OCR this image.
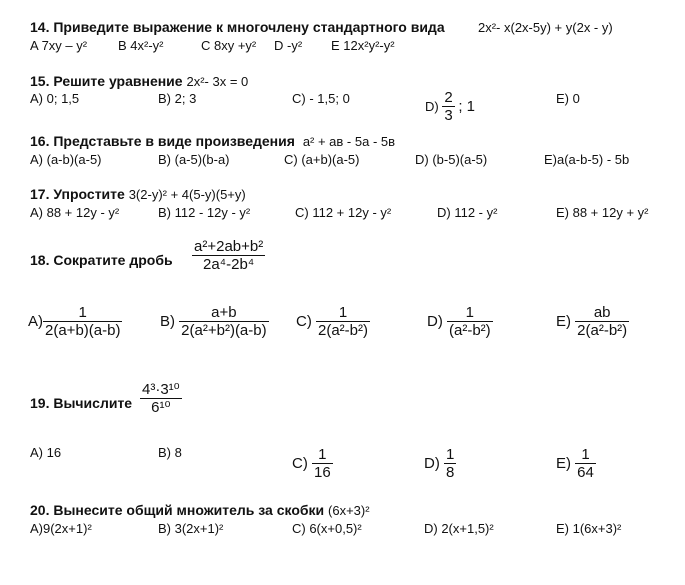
14. Приведите выражение к многочлену стандартного вида	2x²- x(2x-5y) + y(2x - y)
A 7xy – y² B 4x²-y²	C 8xy +y² D -y² E 12x²y²-y²
15. Решите уравнение 2x²- 3x = 0
A) 0; 1,5	B) 2; 3	C) - 1,5; 0
$D) \frac{2}{3}$ ; 1	E) 0
16. Представьте в виде произведения a² + aв - 5a - 5в
A) (a-b)(a-5)	B) (a-5)(b-a)	C) (a+b)(a-5)	D) (b-5)(a-5)	E)a(a-b-5) - 5b
17. Упростите 3(2-y)² + 4(5-y)(5+y)
A) 88 + 12y - y²	B) 112 - 12y - y²	C) 112 + 12y - y²	D) 112 - y²	E) 88 + 12y + y²
18. Сократите дробь $\frac{\text{a²+2ab+b²}}{\text{2a⁴-2b⁴}}$
$A) \frac{1}{2(a+b)(a-b)}$	$B) \frac{a+b}{\text{2(a²+b²)(a-b)}} C) \frac{1}{\text{2(a²-b²)}}$	$D) \frac{1}{\text{(a²-b²)}}$	$E) \frac{ab}{\text{2(a²-b²)}}$
19. Вычислите $\frac{\text{4³·3¹⁰}}{\text{6¹⁰}}$
A) 16	B) 8
$C) \frac{1}{16}$	$D) \frac{1}{8}$	$E) \frac{1}{64}$
20. Вынесите общий множитель за скобки (6x+3)²
A)9(2x+1)²	B) 3(2x+1)²	C) 6(x+0,5)²	D) 2(x+1,5)²	E) 1(6x+3)²
